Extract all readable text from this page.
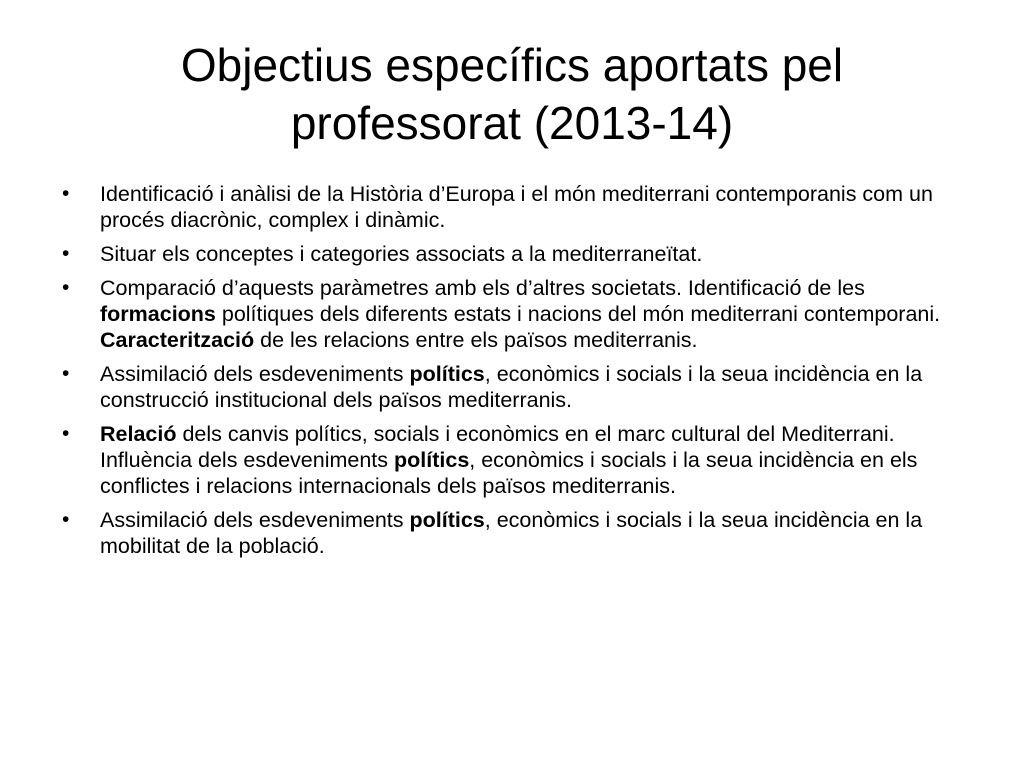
Objectius específics aportats pel professorat (2013-14)
•	Identificació i anàlisi de la Història d’Europa i el món mediterrani contemporanis com un procés diacrònic, complex i dinàmic.
•	Situar els conceptes i categories associats a la mediterraneïtat.
•	Comparació d’aquests paràmetres amb els d’altres societats. Identificació de les formacions polítiques dels diferents estats i nacions del món mediterrani contemporani. Caracterització de les relacions entre els països mediterranis.
•	Assimilació dels esdeveniments polítics, econòmics i socials i la seua incidència en la construcció institucional dels països mediterranis.
•	Relació dels canvis polítics, socials i econòmics en el marc cultural del Mediterrani. Influència dels esdeveniments polítics, econòmics i socials i la seua incidència en els conflictes i relacions internacionals dels països mediterranis.
•	Assimilació dels esdeveniments polítics, econòmics i socials i la seua incidència en la mobilitat de la població.
